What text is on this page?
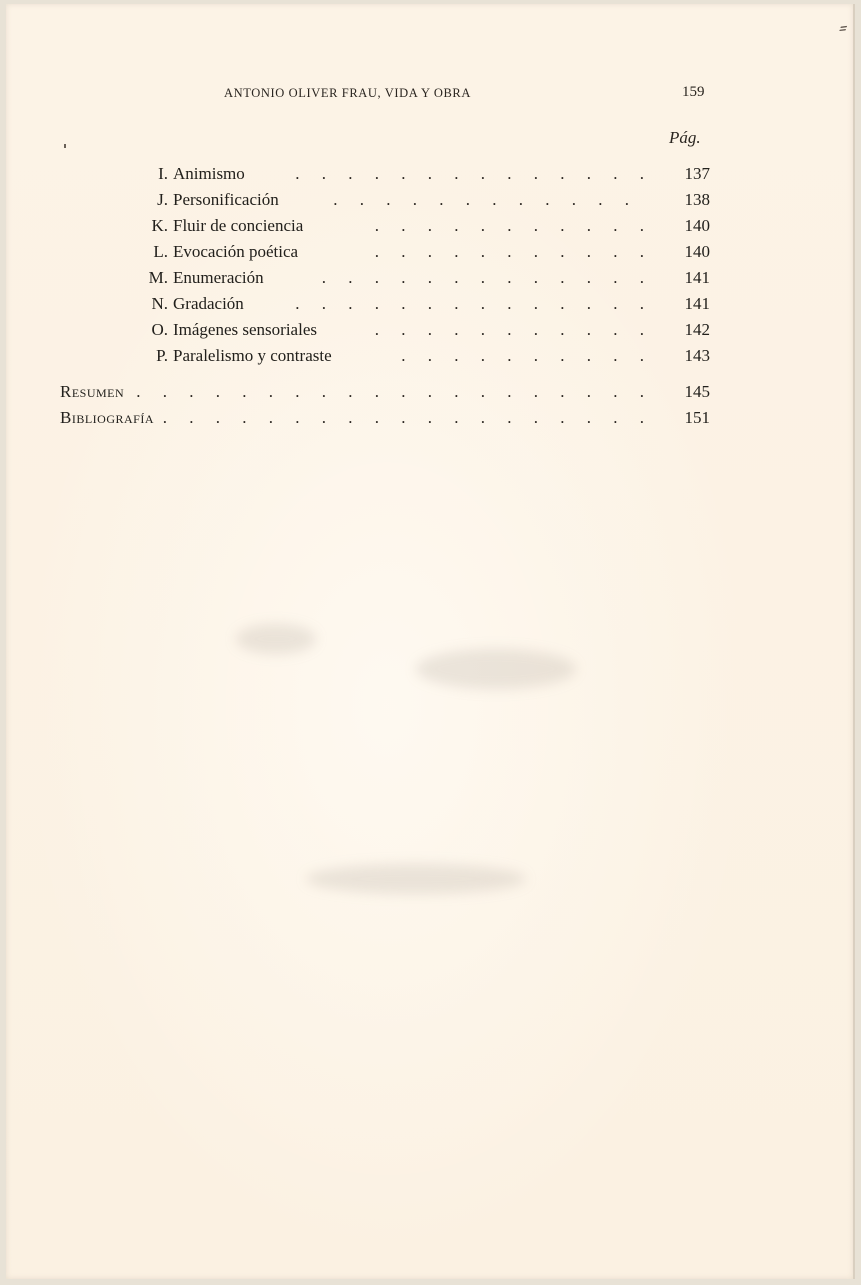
⸗
ANTONIO OLIVER FRAU, VIDA Y OBRA	159
Pág.
I. Animismo	. . . . . . . . . . . . . .	137
J. Personificación	. . . . . . . . . . . .	138
K. Fluir de conciencia	. . . . . . . . . . .	140
L. Evocación poética	. . . . . . . . . . .	140
M. Enumeración	. . . . . . . . . . . . .	141
N. Gradación	. . . . . . . . . . . . . .	141
O. Imágenes sensoriales	. . . . . . . . . . .	142
P. Paralelismo y contraste	. . . . . . . . . .	143
Resumen . . . . . . . . . . . . . . . . . . . .	145
Bibliografía . . . . . . . . . . . . . . . . . . .	151
